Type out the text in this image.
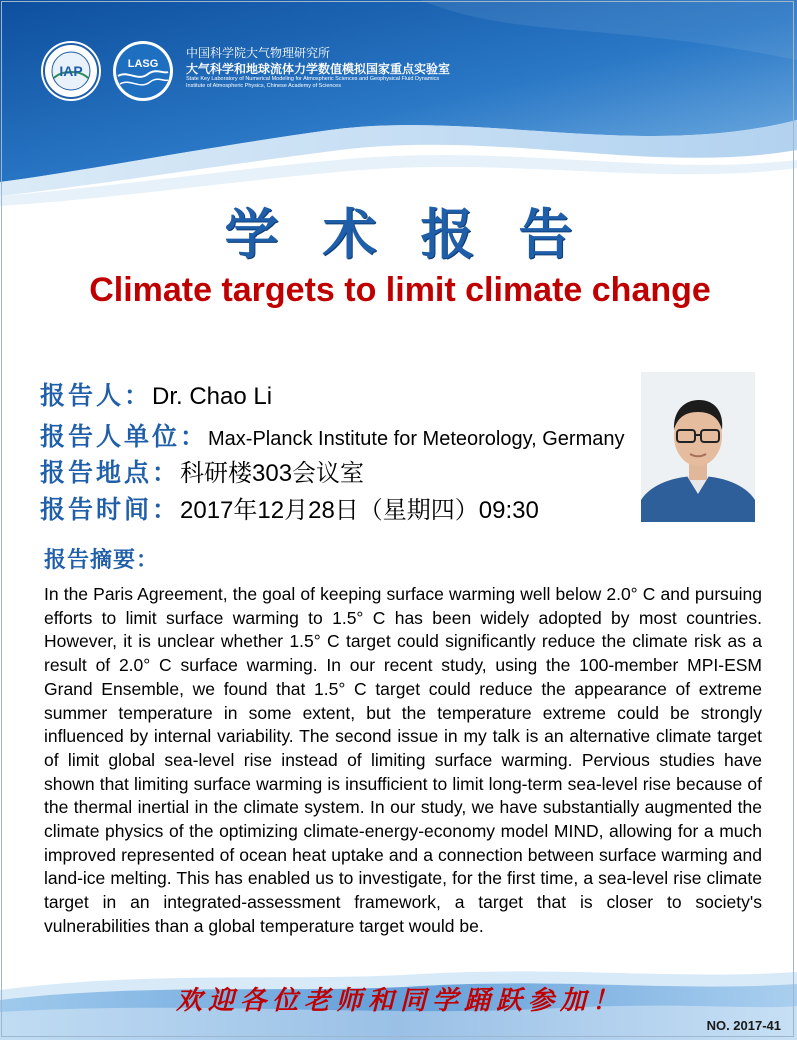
IAP	LASG
中国科学院大气物理研究所
大气科学和地球流体力学数值模拟国家重点实验室
State Key Laboratory of Numerical Modeling for Atmospheric Sciences and Geophysical Fluid Dynamics
Institute of Atmospheric Physics, Chinese Academy of Sciences
学术报告
Climate targets to limit climate change
报告人：Dr. Chao Li
报告人单位：Max-Planck Institute for Meteorology, Germany
报告地点：科研楼303会议室
报告时间：2017年12月28日（星期四）09:30
报告摘要：
In the Paris Agreement, the goal of keeping surface warming well below 2.0° C and pursuing efforts to limit surface warming to 1.5° C has been widely adopted by most countries. However, it is unclear whether 1.5° C target could significantly reduce the climate risk as a result of 2.0° C surface warming. In our recent study, using the 100-member MPI-ESM Grand Ensemble, we found that 1.5° C target could reduce the appearance of extreme summer temperature in some extent, but the temperature extreme could be strongly influenced by internal variability. The second issue in my talk is an alternative climate target of limit global sea-level rise instead of limiting surface warming. Pervious studies have shown that limiting surface warming is insufficient to limit long-term sea-level rise because of the thermal inertial in the climate system. In our study, we have substantially augmented the climate physics of the optimizing climate-energy-economy model MIND, allowing for a much improved represented of ocean heat uptake and a connection between surface warming and land-ice melting. This has enabled us to investigate, for the first time, a sea-level rise climate target in an integrated-assessment framework, a target that is closer to society's vulnerabilities than a global temperature target would be.
欢迎各位老师和同学踊跃参加！
NO. 2017-41
